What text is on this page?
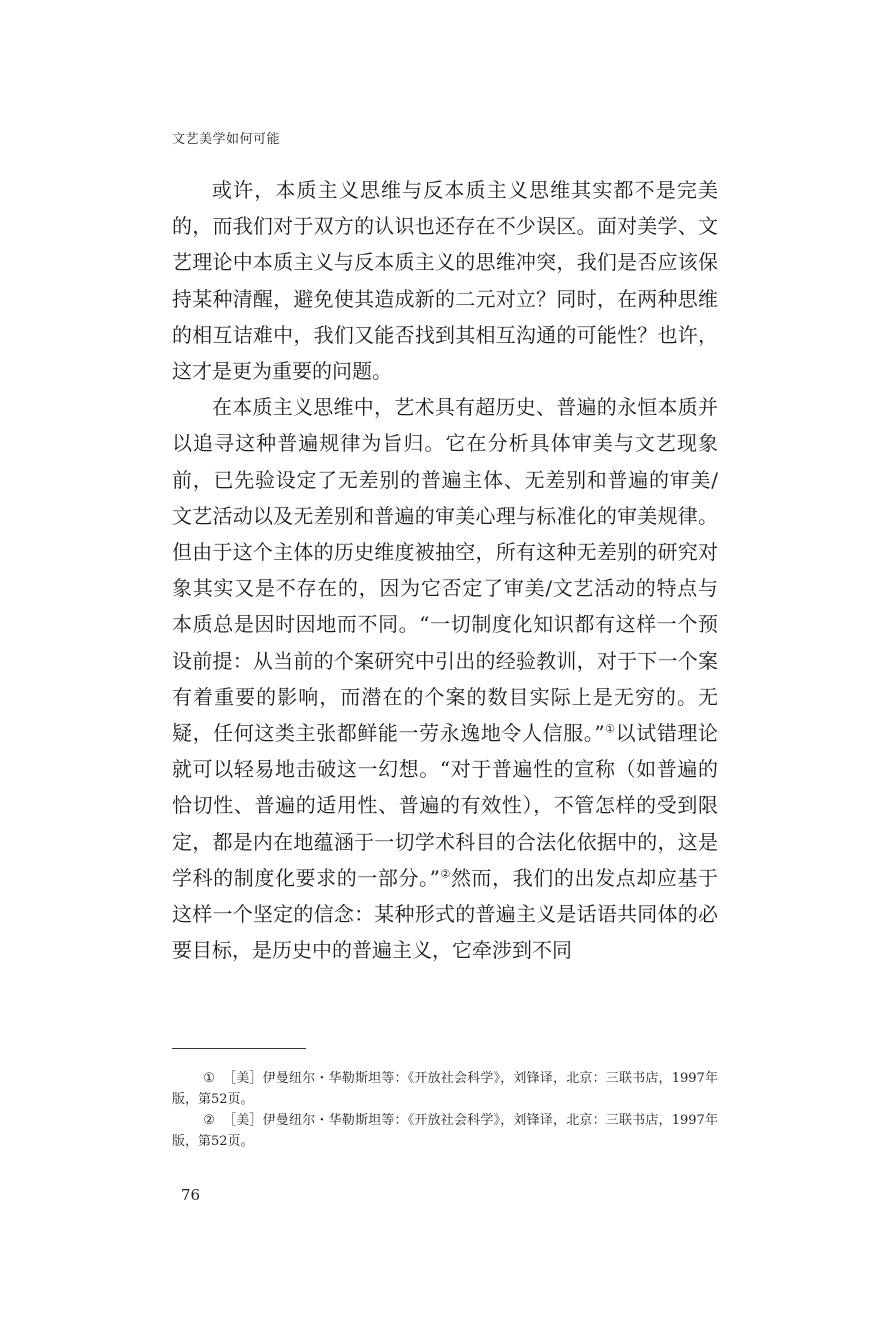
文艺美学如何可能

或许，本质主义思维与反本质主义思维其实都不是完美的，而我们对于双方的认识也还存在不少误区。面对美学、文艺理论中本质主义与反本质主义的思维冲突，我们是否应该保持某种清醒，避免使其造成新的二元对立？同时，在两种思维的相互诘难中，我们又能否找到其相互沟通的可能性？也许，这才是更为重要的问题。

在本质主义思维中，艺术具有超历史、普遍的永恒本质并以追寻这种普遍规律为旨归。它在分析具体审美与文艺现象前，已先验设定了无差别的普遍主体、无差别和普遍的审美/文艺活动以及无差别和普遍的审美心理与标准化的审美规律。但由于这个主体的历史维度被抽空，所有这种无差别的研究对象其实又是不存在的，因为它否定了审美/文艺活动的特点与本质总是因时因地而不同。“一切制度化知识都有这样一个预设前提：从当前的个案研究中引出的经验教训，对于下一个案有着重要的影响，而潜在的个案的数目实际上是无穷的。无疑，任何这类主张都鲜能一劳永逸地令人信服。”①以试错理论就可以轻易地击破这一幻想。“对于普遍性的宣称（如普遍的恰切性、普遍的适用性、普遍的有效性），不管怎样的受到限定，都是内在地蕴涵于一切学术科目的合法化依据中的，这是学科的制度化要求的一部分。”②然而，我们的出发点却应基于这样一个坚定的信念：某种形式的普遍主义是话语共同体的必要目标，是历史中的普遍主义，它牵涉到不同

① ［美］伊曼纽尔・华勒斯坦等：《开放社会科学》，刘锋译，北京：三联书店，1997年版，第52页。

② ［美］伊曼纽尔・华勒斯坦等：《开放社会科学》，刘锋译，北京：三联书店，1997年版，第52页。

76
